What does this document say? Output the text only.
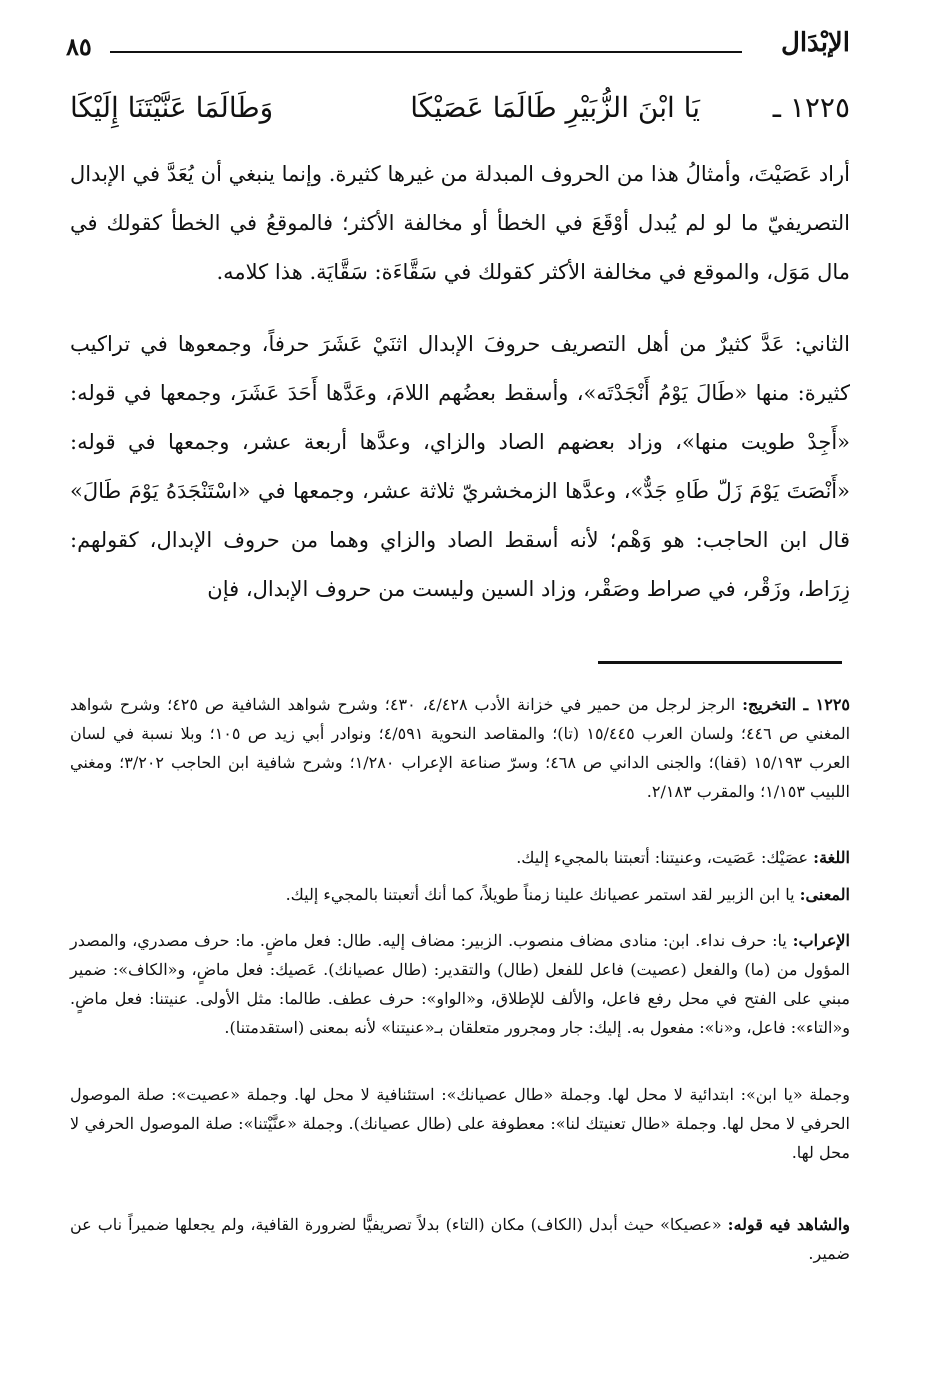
٨٥	الإبْدَال
١٢٢٥ ـ
يَا ابْنَ الزُّبَيْرِ طَالَمَا عَصَيْكَا
وَطَالَمَا عَنَّيْتَنَا إِلَيْكَا

أراد عَصَيْتَ، وأمثالُ هذا من الحروف المبدلة من غيرها كثيرة. وإنما ينبغي أن يُعَدَّ في الإبدال التصريفيّ ما لو لم يُبدل أوْقَعَ في الخطأ أو مخالفة الأكثر؛ فالموقعُ في الخطأ كقولك في مال مَوَل، والموقع في مخالفة الأكثر كقولك في سَقَّاءَة: سَقَّايَة. هذا كلامه.

الثاني: عَدَّ كثيرٌ من أهل التصريف حروفَ الإبدال اثنَيْ عَشَرَ حرفاً، وجمعوها في تراكيب كثيرة: منها «طَالَ يَوْمُ أَنْجَدْتَه»، وأسقط بعضُهم اللامَ، وعَدَّها أَحَدَ عَشَرَ، وجمعها في قوله: «أَجِدْ طويت منها»، وزاد بعضهم الصاد والزاي، وعدَّها أربعة عشر، وجمعها في قوله: «أَنْصَتَ يَوْمَ زَلّ طَاهِ جَدٌّ»، وعدَّها الزمخشريّ ثلاثة عشر، وجمعها في «اسْتَنْجَدَهُ يَوْمَ طَالَ» قال ابن الحاجب: هو وَهْم؛ لأنه أسقط الصاد والزاي وهما من حروف الإبدال، كقولهم: زِرَاط، وزَقْر، في صراط وصَقْر، وزاد السين وليست من حروف الإبدال، فإن

١٢٢٥ ـ التخريج: الرجز لرجل من حمير في خزانة الأدب ٤/٤٢٨، ٤٣٠؛ وشرح شواهد الشافية ص ٤٢٥؛ وشرح شواهد المغني ص ٤٤٦؛ ولسان العرب ١٥/٤٤٥ (تا)؛ والمقاصد النحوية ٤/٥٩١؛ ونوادر أبي زيد ص ١٠٥؛ وبلا نسبة في لسان العرب ١٥/١٩٣ (قفا)؛ والجنى الداني ص ٤٦٨؛ وسرّ صناعة الإعراب ١/٢٨٠؛ وشرح شافية ابن الحاجب ٣/٢٠٢؛ ومغني اللبيب ١/١٥٣؛ والمقرب ٢/١٨٣.
اللغة: عصَيْك: عَصَيت، وعنيتنا: أتعبتنا بالمجيء إليك.
المعنى: يا ابن الزبير لقد استمر عصيانك علينا زمناً طويلاً، كما أنك أتعبتنا بالمجيء إليك.
الإعراب: يا: حرف نداء. ابن: منادى مضاف منصوب. الزبير: مضاف إليه. طال: فعل ماضٍ. ما: حرف مصدري، والمصدر المؤول من (ما) والفعل (عصيت) فاعل للفعل (طال) والتقدير: (طال عصيانك). عَصيك: فعل ماضٍ، و«الكاف»: ضمير مبني على الفتح في محل رفع فاعل، والألف للإطلاق، و«الواو»: حرف عطف. طالما: مثل الأولى. عنيتنا: فعل ماضٍ. و«التاء»: فاعل، و«نا»: مفعول به. إليك: جار ومجرور متعلقان بـ«عنيتنا» لأنه بمعنى (استقدمتنا).
وجملة «يا ابن»: ابتدائية لا محل لها. وجملة «طال عصيانك»: استئنافية لا محل لها. وجملة «عصيت»: صلة الموصول الحرفي لا محل لها. وجملة «طال تعنيتك لنا»: معطوفة على (طال عصيانك). وجملة «عنَّيْتنا»: صلة الموصول الحرفي لا محل لها.
والشاهد فيه قوله: «عصيكا» حيث أبدل (الكاف) مكان (التاء) بدلاً تصريفيًّا لضرورة القافية، ولم يجعلها ضميراً ناب عن ضمير.
